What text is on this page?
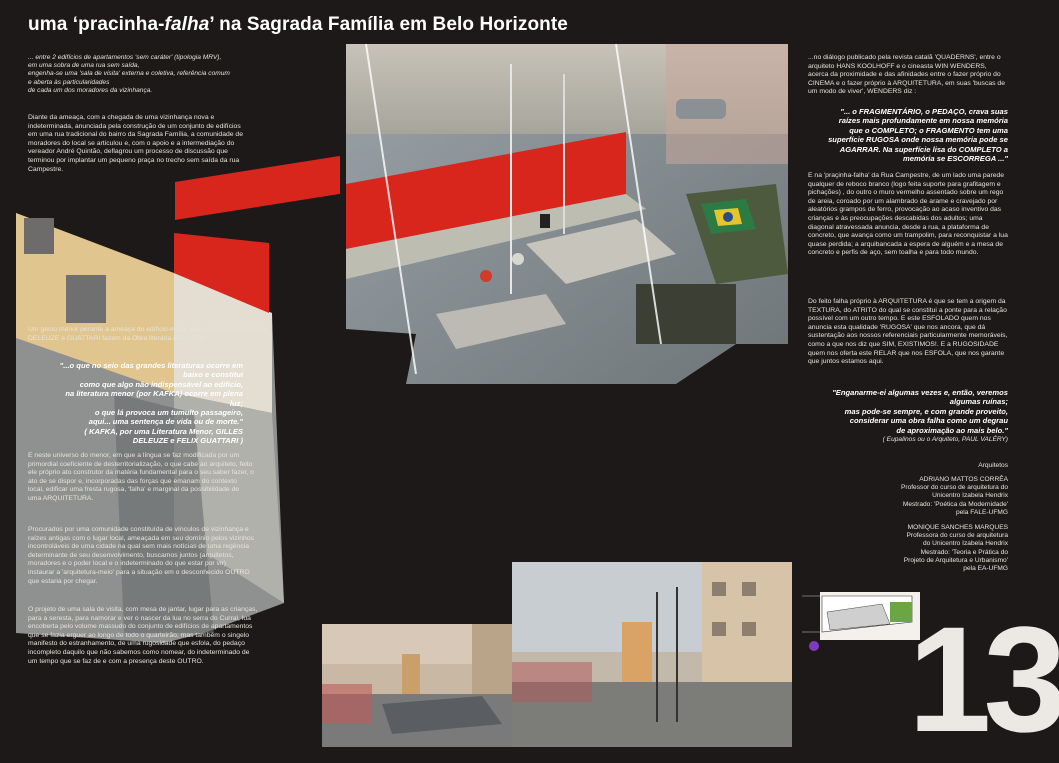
uma ‘pracinha-falha’ na Sagrada Família em Belo Horizonte
... entre 2 edifícios de apartamentos 'sem caráter' (tipologia MRV),
em uma sobra de uma rua sem saída,
engenha-se uma 'sala de visita' externa e coletiva, referência comum
e aberta às particularidades
de cada um dos moradores da vizinhança.
Diante da ameaça, com a chegada de uma vizinhança nova e indeterminada, anunciada pela construção de um conjunto de edifícios em uma rua tradicional do bairro da Sagrada Família, a comunidade de moradores do local se articulou e, com o apoio e a intermediação do vereador André Quintão, deflagrou um processo de discussão que terminou por implantar um pequeno praça no trecho sem saída da rua Campestre.
Um gesto menor perante a ameaça do edifício-maior, mas, como na leitura que DELEUZE e GUATTARI fazem da Obra literária de KAFKA:
"...o que no seio das grandes literaturas ocorre em
baixo e constitui
como que algo não indispensável ao edifício,
na literatura menor (por KAFKA) ocorre em plena
luz;
o que lá provoca um tumulto passageiro,
aqui... uma sentença de vida ou de morte."
( KAFKA, por uma Literatura Menor, GILLES
DELEUZE e FELIX GUATTARI )
E neste universo do menor, em que a língua se faz modificada por um primordial coeficiente de desterritorialização, o que cabe ao arquiteto, feito ele próprio ato construtor da matéria fundamental para o seu saber fazer, o ato de se dispor e, incorporadas das forças que emanam do contexto local, edificar uma fresta rugosa, 'falha' e marginal da possibilidade de uma ARQUITETURA.
Procurados por uma comunidade constituída de vínculos de vizinhança e raízes antigas com o lugar local, ameaçada em seu domínio pelos vizinhos incontroláveis de uma cidade na qual sem mais notícias de uma regência determinante de seu desenvolvimento, buscamos juntos (arquitetos, moradores e o poder local e o indeterminado do que estar por vir) instaurar a 'arquitetura-meio' para a situação em o desconhecido OUTRO que estaria por chegar.
O projeto de uma sala de visita, com mesa de jantar, lugar para as crianças, para a seresta, para namorar e ver o nascer da lua no serra do Curral, lua encoberta pelo volume massudo do conjunto de edifícios de apartamentos que se fazia erguer ao longo de todo o quarteirão, mas também o singelo manifesto do estranhamento, de uma rugosidade que esfola, do pedaço incompleto daquilo que não sabemos como nomear, do indeterminado de um tempo que se faz de e com a presença deste OUTRO.
...no diálogo publicado pela revista catalã 'QUADERNS', entre o arquiteto HANS KOOLHOFF e o cineasta WIN WENDERS, acerca da proximidade e das afinidades entre o fazer próprio do CINEMA e o fazer próprio à ARQUITETURA, em suas 'buscas de um modo de viver', WENDERS diz :
"... o FRAGMENTÁRIO, o PEDAÇO, crava suas
raízes mais profundamente em nossa memória
que o COMPLETO; o FRAGMENTO tem uma
superfície RUGOSA onde nossa memória pode se
AGARRAR. Na superfície lisa do COMPLETO a
memória se ESCORREGA ..."
E na 'praçinha-falha' da Rua Campestre, de um lado uma parede qualquer de reboco branco (logo feita suporte para grafitagem e pichações) , do outro o muro vermelho assentado sobre um rego de areia, coroado por um alambrado de arame e cravejado por aleatórios grampos de ferro, provocação ao acaso inventivo das crianças e às preocupações descabidas dos adultos; uma diagonal atravessada anuncia, desde a rua, a plataforma de concreto, que avança como um trampolim, para reconquistar a lua quase perdida; a arquibancada a espera de alguém e a mesa de concreto e perfis de aço, sem toalha e para todo mundo.
Do feito falha próprio à ARQUITETURA é que se tem a origem da TEXTURA, do ATRITO do qual se constitui a ponte para a relação possível com um outro tempo. E este ESFOLADO quem nos anuncia esta qualidade 'RUGOSA' que nos ancora, que dá sustentação aos nossos referenciais particularmente memoráveis, como a que nos diz que SIM, EXISTIMOS!. E a RUGOSIDADE quem nos oferta este RELAR que nos ESFOLA, que nos garante que juntos estamos aqui.
"Enganarme-ei algumas vezes e, então, veremos
algumas ruínas;
mas pode-se sempre, e com grande proveito,
considerar uma obra falha como um degrau
de aproximação ao mais belo."
( Eupalinos ou o Arquiteto, PAUL VALÉRY)
Arquitetos
ADRIANO MATTOS CORRÊA
Professor do curso de arquitetura do
Unicentro Izabela Hendrix
Mestrado: 'Poética da Modernidade'
pela FALE-UFMG
MONIQUE SANCHES MARQUES
Professora do curso de arquitetura
do Unicentro Izabela Hendrix
Mestrado: 'Teoria e Prática do
Projeto de Arquitetura e Urbanismo'
pela EA-UFMG
13
